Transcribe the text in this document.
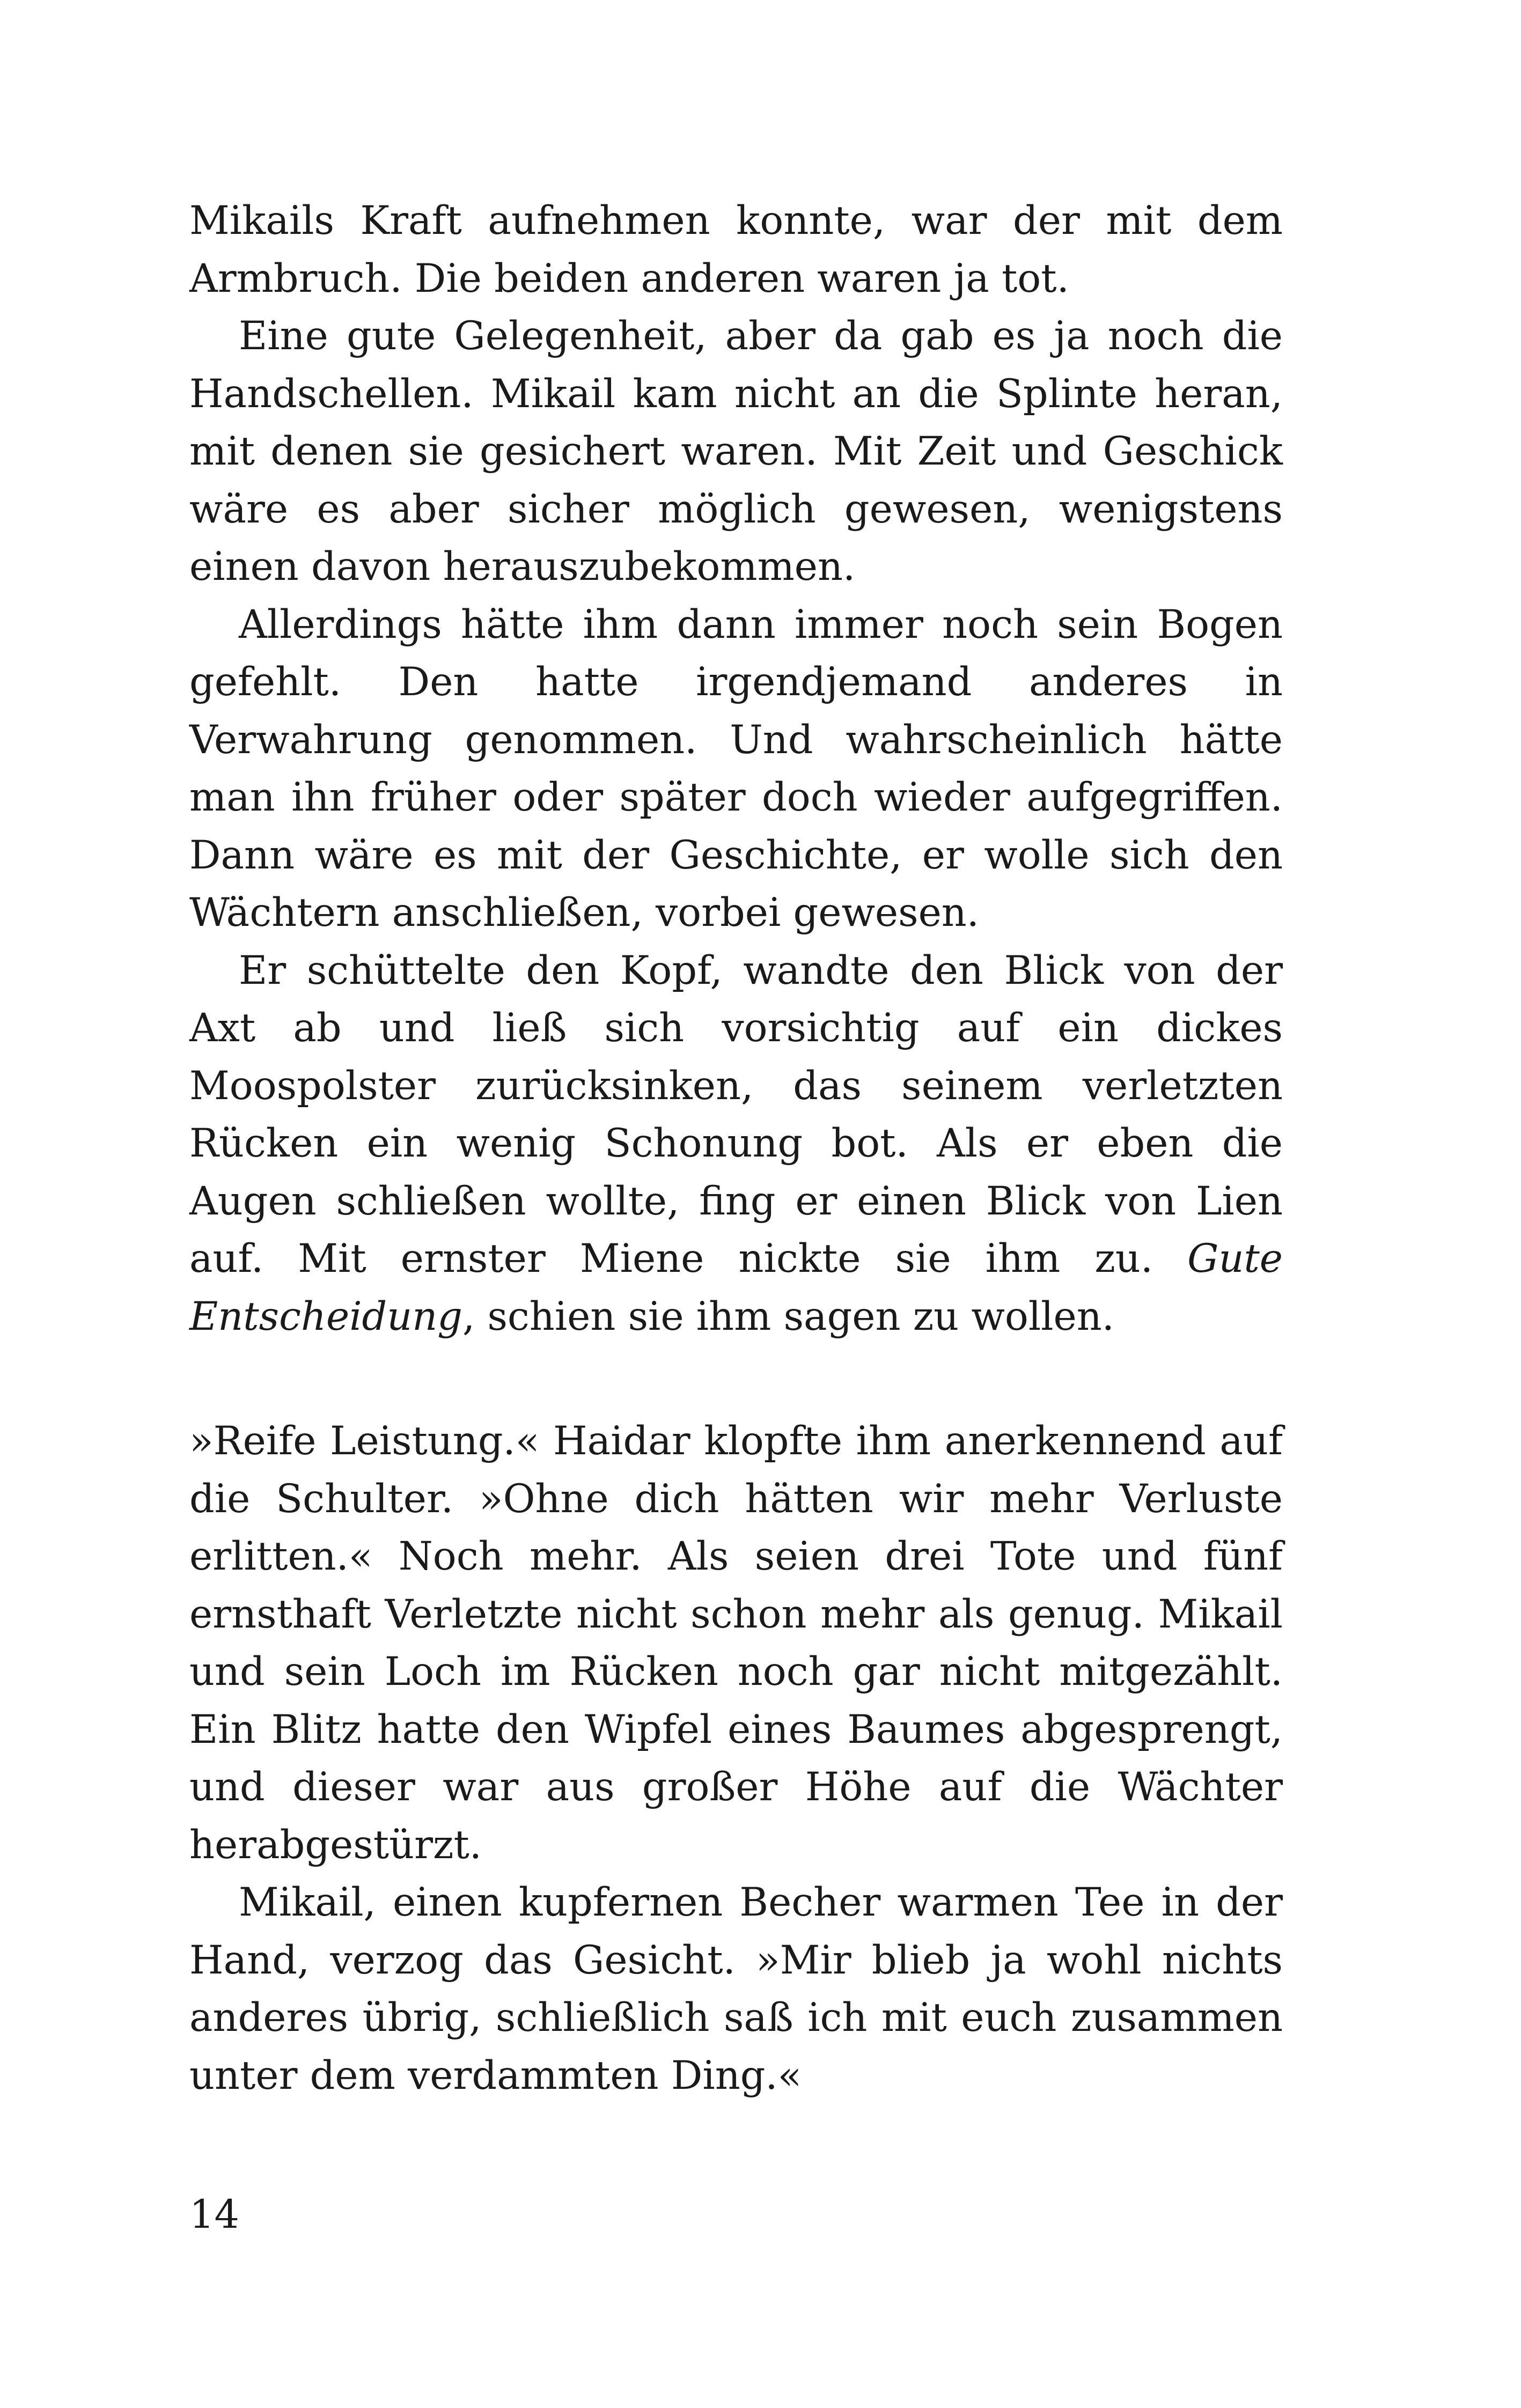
Mikails Kraft aufnehmen konnte, war der mit dem Armbruch. Die beiden anderen waren ja tot.

Eine gute Gelegenheit, aber da gab es ja noch die Handschellen. Mikail kam nicht an die Splinte heran, mit denen sie gesichert waren. Mit Zeit und Geschick wäre es aber sicher möglich gewesen, wenigstens einen davon herauszubekommen.

Allerdings hätte ihm dann immer noch sein Bogen gefehlt. Den hatte irgendjemand anderes in Verwahrung genommen. Und wahrscheinlich hätte man ihn früher oder später doch wieder aufgegriffen. Dann wäre es mit der Geschichte, er wolle sich den Wächtern anschließen, vorbei gewesen.

Er schüttelte den Kopf, wandte den Blick von der Axt ab und ließ sich vorsichtig auf ein dickes Moospolster zurücksinken, das seinem verletzten Rücken ein wenig Schonung bot. Als er eben die Augen schließen wollte, fing er einen Blick von Lien auf. Mit ernster Miene nickte sie ihm zu. Gute Entscheidung, schien sie ihm sagen zu wollen.

»Reife Leistung.« Haidar klopfte ihm anerkennend auf die Schulter. »Ohne dich hätten wir mehr Verluste erlitten.« Noch mehr. Als seien drei Tote und fünf ernsthaft Verletzte nicht schon mehr als genug. Mikail und sein Loch im Rücken noch gar nicht mitgezählt. Ein Blitz hatte den Wipfel eines Baumes abgesprengt, und dieser war aus großer Höhe auf die Wächter herabgestürzt.

Mikail, einen kupfernen Becher warmen Tee in der Hand, verzog das Gesicht. »Mir blieb ja wohl nichts anderes übrig, schließlich saß ich mit euch zusammen unter dem verdammten Ding.«

14
